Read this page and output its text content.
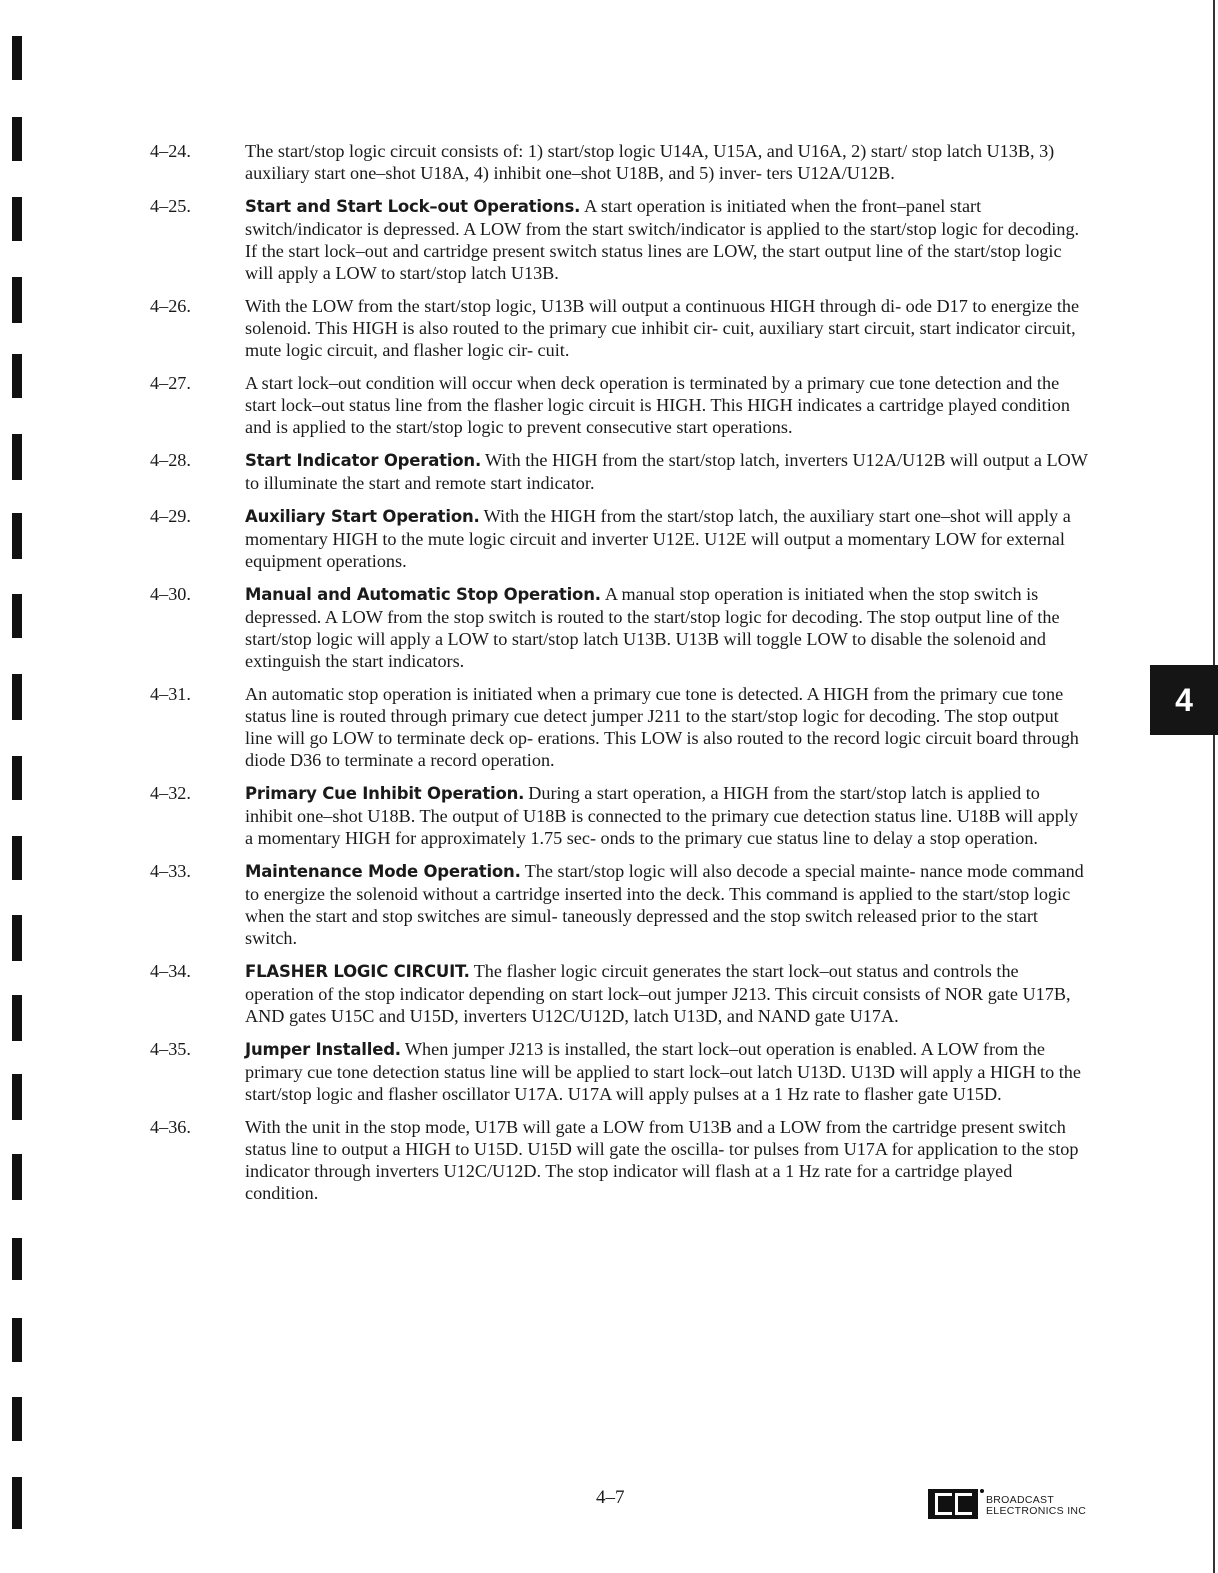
4
4–24.	The start/stop logic circuit consists of: 1) start/stop logic U14A, U15A, and U16A, 2) start/ stop latch U13B, 3) auxiliary start one–shot U18A, 4) inhibit one–shot U18B, and 5) inver- ters U12A/U12B.
4–25.	Start and Start Lock–out Operations. A start operation is initiated when the front–panel start switch/indicator is depressed. A LOW from the start switch/indicator is applied to the start/stop logic for decoding. If the start lock–out and cartridge present switch status lines are LOW, the start output line of the start/stop logic will apply a LOW to start/stop latch U13B.
4–26.	With the LOW from the start/stop logic, U13B will output a continuous HIGH through di- ode D17 to energize the solenoid. This HIGH is also routed to the primary cue inhibit cir- cuit, auxiliary start circuit, start indicator circuit, mute logic circuit, and flasher logic cir- cuit.
4–27.	A start lock–out condition will occur when deck operation is terminated by a primary cue tone detection and the start lock–out status line from the flasher logic circuit is HIGH. This HIGH indicates a cartridge played condition and is applied to the start/stop logic to prevent consecutive start operations.
4–28.	Start Indicator Operation. With the HIGH from the start/stop latch, inverters U12A/U12B will output a LOW to illuminate the start and remote start indicator.
4–29.	Auxiliary Start Operation. With the HIGH from the start/stop latch, the auxiliary start one–shot will apply a momentary HIGH to the mute logic circuit and inverter U12E. U12E will output a momentary LOW for external equipment operations.
4–30.	Manual and Automatic Stop Operation. A manual stop operation is initiated when the stop switch is depressed. A LOW from the stop switch is routed to the start/stop logic for decoding. The stop output line of the start/stop logic will apply a LOW to start/stop latch U13B. U13B will toggle LOW to disable the solenoid and extinguish the start indicators.
4–31.	An automatic stop operation is initiated when a primary cue tone is detected. A HIGH from the primary cue tone status line is routed through primary cue detect jumper J211 to the start/stop logic for decoding. The stop output line will go LOW to terminate deck op- erations. This LOW is also routed to the record logic circuit board through diode D36 to terminate a record operation.
4–32.	Primary Cue Inhibit Operation. During a start operation, a HIGH from the start/stop latch is applied to inhibit one–shot U18B. The output of U18B is connected to the primary cue detection status line. U18B will apply a momentary HIGH for approximately 1.75 sec- onds to the primary cue status line to delay a stop operation.
4–33.	Maintenance Mode Operation. The start/stop logic will also decode a special mainte- nance mode command to energize the solenoid without a cartridge inserted into the deck. This command is applied to the start/stop logic when the start and stop switches are simul- taneously depressed and the stop switch released prior to the start switch.
4–34.	FLASHER LOGIC CIRCUIT. The flasher logic circuit generates the start lock–out status and controls the operation of the stop indicator depending on start lock–out jumper J213. This circuit consists of NOR gate U17B, AND gates U15C and U15D, inverters U12C/U12D, latch U13D, and NAND gate U17A.
4–35.	Jumper Installed. When jumper J213 is installed, the start lock–out operation is enabled. A LOW from the primary cue tone detection status line will be applied to start lock–out latch U13D. U13D will apply a HIGH to the start/stop logic and flasher oscillator U17A. U17A will apply pulses at a 1 Hz rate to flasher gate U15D.
4–36.	With the unit in the stop mode, U17B will gate a LOW from U13B and a LOW from the cartridge present switch status line to output a HIGH to U15D. U15D will gate the oscilla- tor pulses from U17A for application to the stop indicator through inverters U12C/U12D. The stop indicator will flash at a 1 Hz rate for a cartridge played condition.
4–7	BROADCAST
ELECTRONICS INC
